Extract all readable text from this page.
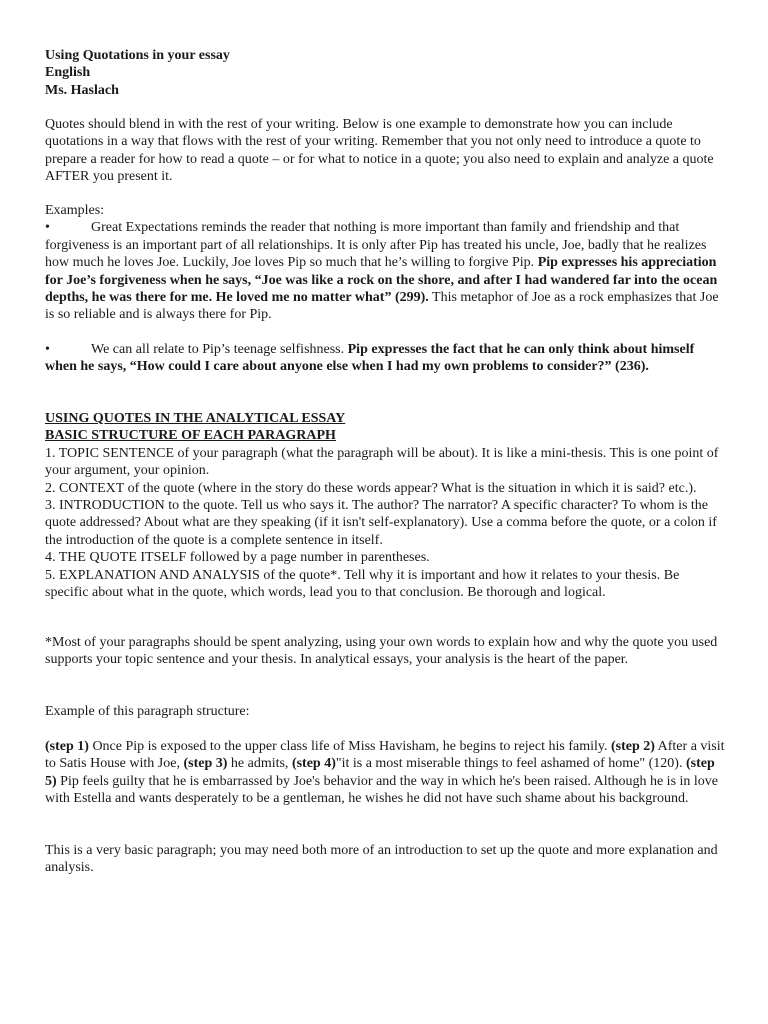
Using Quotations in your essay

English

Ms. Haslach

Quotes should blend in with the rest of your writing. Below is one example to demonstrate how you can include quotations in a way that flows with the rest of your writing. Remember that you not only need to introduce a quote to prepare a reader for how to read a quote – or for what to notice in a quote; you also need to explain and analyze a quote AFTER you present it.

Examples:

•	Great Expectations reminds the reader that nothing is more important than family and friendship and that forgiveness is an important part of all relationships. It is only after Pip has treated his uncle, Joe, badly that he realizes how much he loves Joe. Luckily, Joe loves Pip so much that he’s willing to forgive Pip. Pip expresses his appreciation for Joe’s forgiveness when he says, “Joe was like a rock on the shore, and after I had wandered far into the ocean depths, he was there for me. He loved me no matter what” (299). This metaphor of Joe as a rock emphasizes that Joe is so reliable and is always there for Pip.

•	We can all relate to Pip’s teenage selfishness. Pip expresses the fact that he can only think about himself when he says, “How could I care about anyone else when I had my own problems to consider?” (236).

USING QUOTES IN THE ANALYTICAL ESSAY

BASIC STRUCTURE OF EACH PARAGRAPH

1. TOPIC SENTENCE of your paragraph (what the paragraph will be about). It is like a mini-thesis. This is one point of your argument, your opinion.

2. CONTEXT of the quote (where in the story do these words appear? What is the situation in which it is said? etc.).

3. INTRODUCTION to the quote. Tell us who says it. The author? The narrator? A specific character? To whom is the quote addressed? About what are they speaking (if it isn't self-explanatory). Use a comma before the quote, or a colon if the introduction of the quote is a complete sentence in itself.

4. THE QUOTE ITSELF followed by a page number in parentheses.

5. EXPLANATION AND ANALYSIS of the quote*. Tell why it is important and how it relates to your thesis. Be specific about what in the quote, which words, lead you to that conclusion. Be thorough and logical.

*Most of your paragraphs should be spent analyzing, using your own words to explain how and why the quote you used supports your topic sentence and your thesis. In analytical essays, your analysis is the heart of the paper.

Example of this paragraph structure:

(step 1) Once Pip is exposed to the upper class life of Miss Havisham, he begins to reject his family. (step 2) After a visit to Satis House with Joe, (step 3) he admits, (step 4)"it is a most miserable things to feel ashamed of home" (120). (step 5) Pip feels guilty that he is embarrassed by Joe's behavior and the way in which he's been raised. Although he is in love with Estella and wants desperately to be a gentleman, he wishes he did not have such shame about his background.

This is a very basic paragraph; you may need both more of an introduction to set up the quote and more explanation and analysis.
